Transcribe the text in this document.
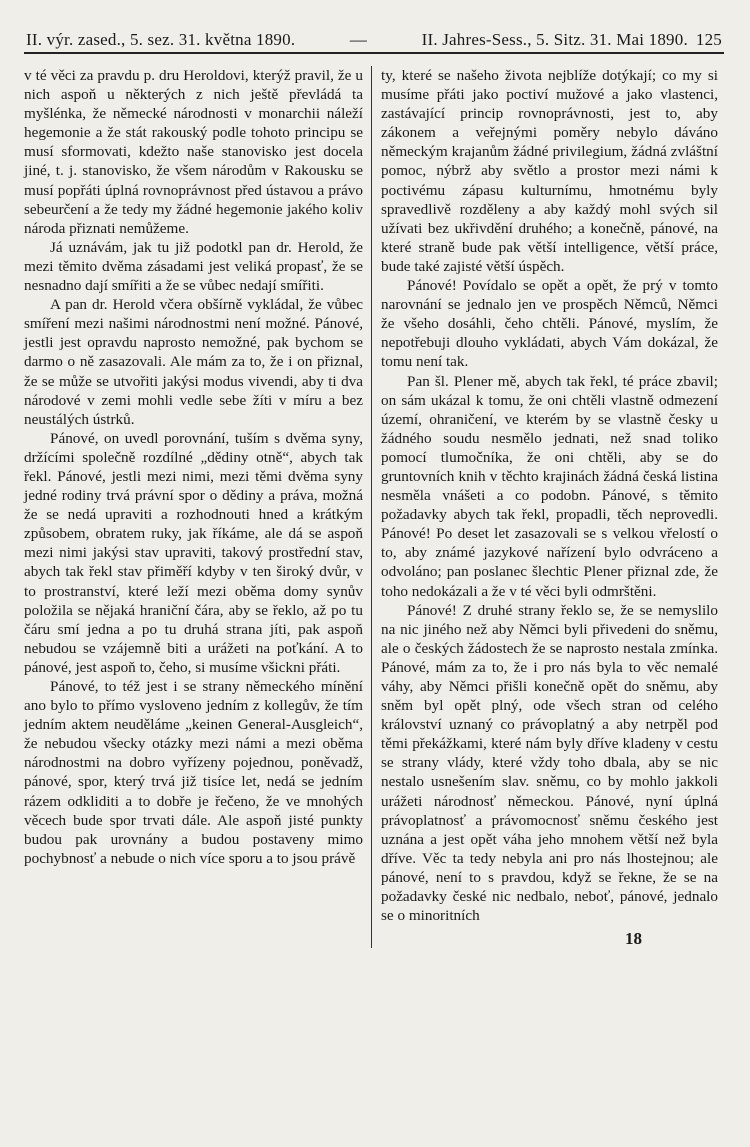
II. výr. zased., 5. sez. 31. května 1890.	—	II. Jahres-Sess., 5. Sitz. 31. Mai 1890. 125

v té věci za pravdu p. dru Heroldovi, kterýž pravil, že u nich aspoň u některých z nich ještě převládá ta myšlénka, že německé národnosti v monarchii náleží hegemonie a že stát rakouský podle tohoto principu se musí sformovati, kdežto naše stanovisko jest docela jiné, t. j. stanovisko, že všem národům v Rakousku se musí popřáti úplná rovnoprávnost před ústavou a právo sebeurčení a že tedy my žádné hegemonie jakého koliv národa přiznati nemůžeme.

Já uznávám, jak tu již podotkl pan dr. Herold, že mezi těmito dvěma zásadami jest veliká propasť, že se nesnadno dají smířiti a že se vůbec nedají smířiti.

A pan dr. Herold včera obšírně vykládal, že vůbec smíření mezi našimi národnostmi není možné. Pánové, jestli jest opravdu naprosto nemožné, pak bychom se darmo o ně zasazovali. Ale mám za to, že i on přiznal, že se může se utvořiti jakýsi modus vivendi, aby ti dva národové v zemi mohli vedle sebe žíti v míru a bez neustálých ústrků.

Pánové, on uvedl porovnání, tuším s dvěma syny, držícími společně rozdílné „dědiny otně“, abych tak řekl. Pánové, jestli mezi nimi, mezi těmi dvěma syny jedné rodiny trvá právní spor o dědiny a práva, možná že se nedá upraviti a rozhodnouti hned a krátkým způsobem, obratem ruky, jak říkáme, ale dá se aspoň mezi nimi jakýsi stav upraviti, takový prostřední stav, abych tak řekl stav přiměří kdyby v ten široký dvůr, v to prostranství, které leží mezi oběma domy synův položila se nějaká hraniční čára, aby se řeklo, až po tu čáru smí jedna a po tu druhá strana jíti, pak aspoň nebudou se vzájemně biti a urážeti na poťkání. A to pánové, jest aspoň to, čeho, si musíme všickni přáti.

Pánové, to též jest i se strany německého mínění ano bylo to přímo vysloveno jedním z kollegův, že tím jedním aktem neuděláme „keinen General-Ausgleich“, že nebudou všecky otázky mezi námi a mezi oběma národnostmi na dobro vyřízeny pojednou, poněvadž, pánové, spor, který trvá již tisíce let, nedá se jedním rázem odkliditi a to dobře je řečeno, že ve mnohých věcech bude spor trvati dále. Ale aspoň jisté punkty budou pak urovnány a budou postaveny mimo pochybnosť a nebude o nich více sporu a to jsou právě

ty, které se našeho života nejblíže dotýkají; co my si musíme přáti jako poctiví mužové a jako vlastenci, zastávající princip rovnoprávnosti, jest to, aby zákonem a veřejnými poměry nebylo dáváno německým krajanům žádné privilegium, žádná zvláštní pomoc, nýbrž aby světlo a prostor mezi námi k poctivému zápasu kulturnímu, hmotnému byly spravedlivě rozděleny a aby každý mohl svých sil užívati bez ukřivdění druhého; a konečně, pánové, na které straně bude pak větší intelligence, větší práce, bude také zajisté větší úspěch.

Pánové! Povídalo se opět a opět, že prý v tomto narovnání se jednalo jen ve prospěch Němců, Němci že všeho dosáhli, čeho chtěli. Pánové, myslím, že nepotřebuji dlouho vykládati, abych Vám dokázal, že tomu není tak.

Pan šl. Plener mě, abych tak řekl, té práce zbavil; on sám ukázal k tomu, že oni chtěli vlastně odmezení území, ohraničení, ve kterém by se vlastně česky u žádného soudu nesmělo jednati, než snad toliko pomocí tlumočníka, že oni chtěli, aby se do gruntovních knih v těchto krajinách žádná česká listina nesměla vnášeti a co podobn. Pánové, s těmito požadavky abych tak řekl, propadli, těch neprovedli. Pánové! Po deset let zasazovali se s velkou vřelostí o to, aby známé jazykové nařízení bylo odvráceno a odvoláno; pan poslanec šlechtic Plener přiznal zde, že toho nedokázali a že v té věci byli odmrštěni.

Pánové! Z druhé strany řeklo se, že se nemyslilo na nic jiného než aby Němci byli přivedeni do sněmu, ale o českých žádostech že se naprosto nestala zmínka. Pánové, mám za to, že i pro nás byla to věc nemalé váhy, aby Němci přišli konečně opět do sněmu, aby sněm byl opět plný, ode všech stran od celého království uznaný co právoplatný a aby netrpěl pod těmi překážkami, které nám byly dříve kladeny v cestu se strany vlády, které vždy toho dbala, aby se nic nestalo usnešením slav. sněmu, co by mohlo jakkoli urážeti národnosť německou. Pánové, nyní úplná právoplatnosť a právomocnosť sněmu českého jest uznána a jest opět váha jeho mnohem větší než byla dříve. Věc ta tedy nebyla ani pro nás lhostejnou; ale pánové, není to s pravdou, když se řekne, že se na požadavky české nic nedbalo, neboť, pánové, jednalo se o minoritních

18
